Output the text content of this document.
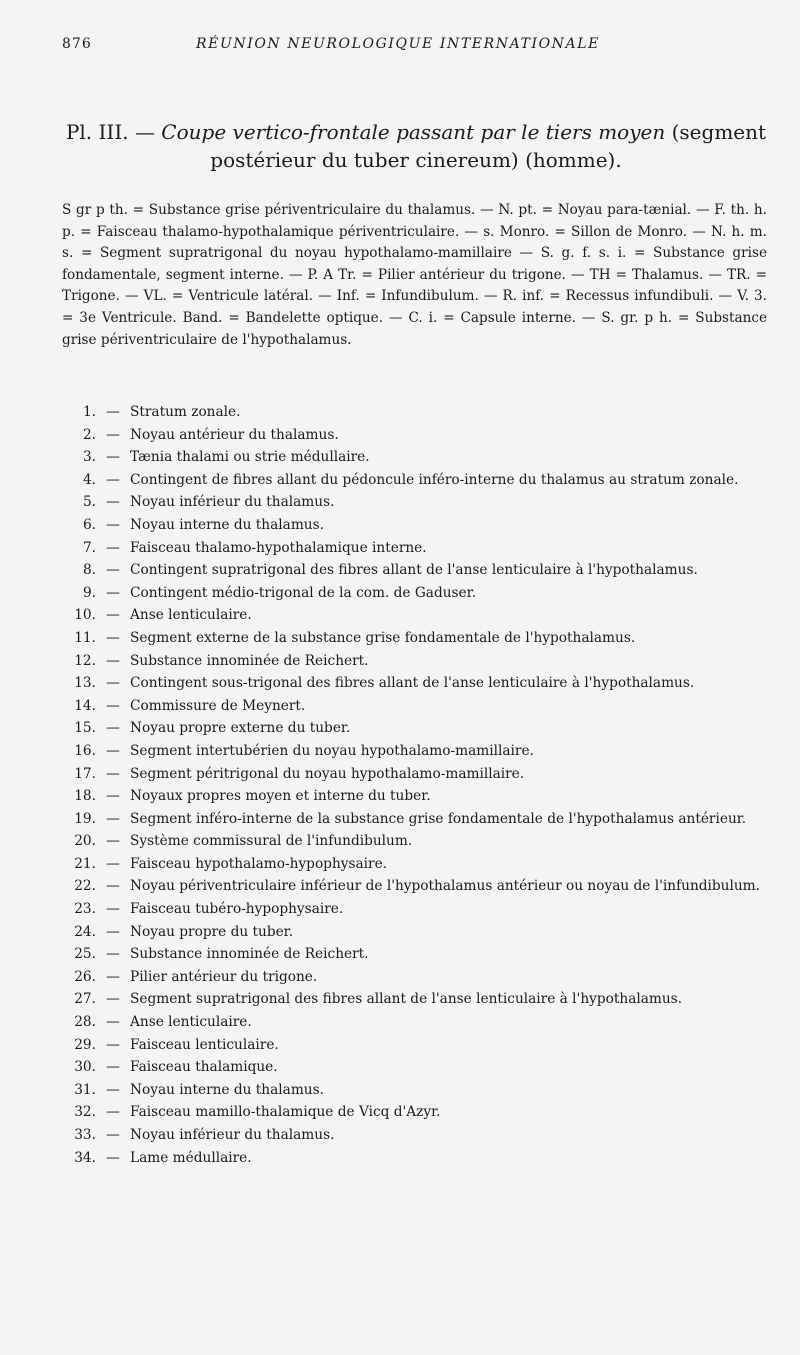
876	RÉUNION NEUROLOGIQUE INTERNATIONALE
Pl. III. — Coupe vertico-frontale passant par le tiers moyen (segment
postérieur du tuber cinereum) (homme).
S gr p th. = Substance grise périventriculaire du thalamus. — N. pt. = Noyau para-tænial. — F. th. h. p. = Faisceau thalamo-hypothalamique périventriculaire. — s. Monro. = Sillon de Monro. — N. h. m. s. = Segment supratrigonal du noyau hypothalamo-mamillaire — S. g. f. s. i. = Substance grise fondamentale, segment interne. — P. A Tr. = Pilier antérieur du trigone. — TH = Thalamus. — TR. = Trigone. — VL. = Ventricule latéral. — Inf. = Infundibulum. — R. inf. = Recessus infundibuli. — V. 3. = 3e Ventricule. Band. = Bandelette optique. — C. i. = Capsule interne. — S. gr. p h. = Substance grise périventriculaire de l'hypothalamus.
1. — Stratum zonale.
2. — Noyau antérieur du thalamus.
3. — Tænia thalami ou strie médullaire.
4. — Contingent de fibres allant du pédoncule inféro-interne du thalamus au stratum zonale.
5. — Noyau inférieur du thalamus.
6. — Noyau interne du thalamus.
7. — Faisceau thalamo-hypothalamique interne.
8. — Contingent supratrigonal des fibres allant de l'anse lenticulaire à l'hypothalamus.
9. — Contingent médio-trigonal de la com. de Gaduser.
10. — Anse lenticulaire.
11. — Segment externe de la substance grise fondamentale de l'hypothalamus.
12. — Substance innominée de Reichert.
13. — Contingent sous-trigonal des fibres allant de l'anse lenticulaire à l'hypothalamus.
14. — Commissure de Meynert.
15. — Noyau propre externe du tuber.
16. — Segment intertubérien du noyau hypothalamo-mamillaire.
17. — Segment péritrigonal du noyau hypothalamo-mamillaire.
18. — Noyaux propres moyen et interne du tuber.
19. — Segment inféro-interne de la substance grise fondamentale de l'hypothalamus antérieur.
20. — Système commissural de l'infundibulum.
21. — Faisceau hypothalamo-hypophysaire.
22. — Noyau périventriculaire inférieur de l'hypothalamus antérieur ou noyau de l'infundibulum.
23. — Faisceau tubéro-hypophysaire.
24. — Noyau propre du tuber.
25. — Substance innominée de Reichert.
26. — Pilier antérieur du trigone.
27. — Segment supratrigonal des fibres allant de l'anse lenticulaire à l'hypothalamus.
28. — Anse lenticulaire.
29. — Faisceau lenticulaire.
30. — Faisceau thalamique.
31. — Noyau interne du thalamus.
32. — Faisceau mamillo-thalamique de Vicq d'Azyr.
33. — Noyau inférieur du thalamus.
34. — Lame médullaire.
